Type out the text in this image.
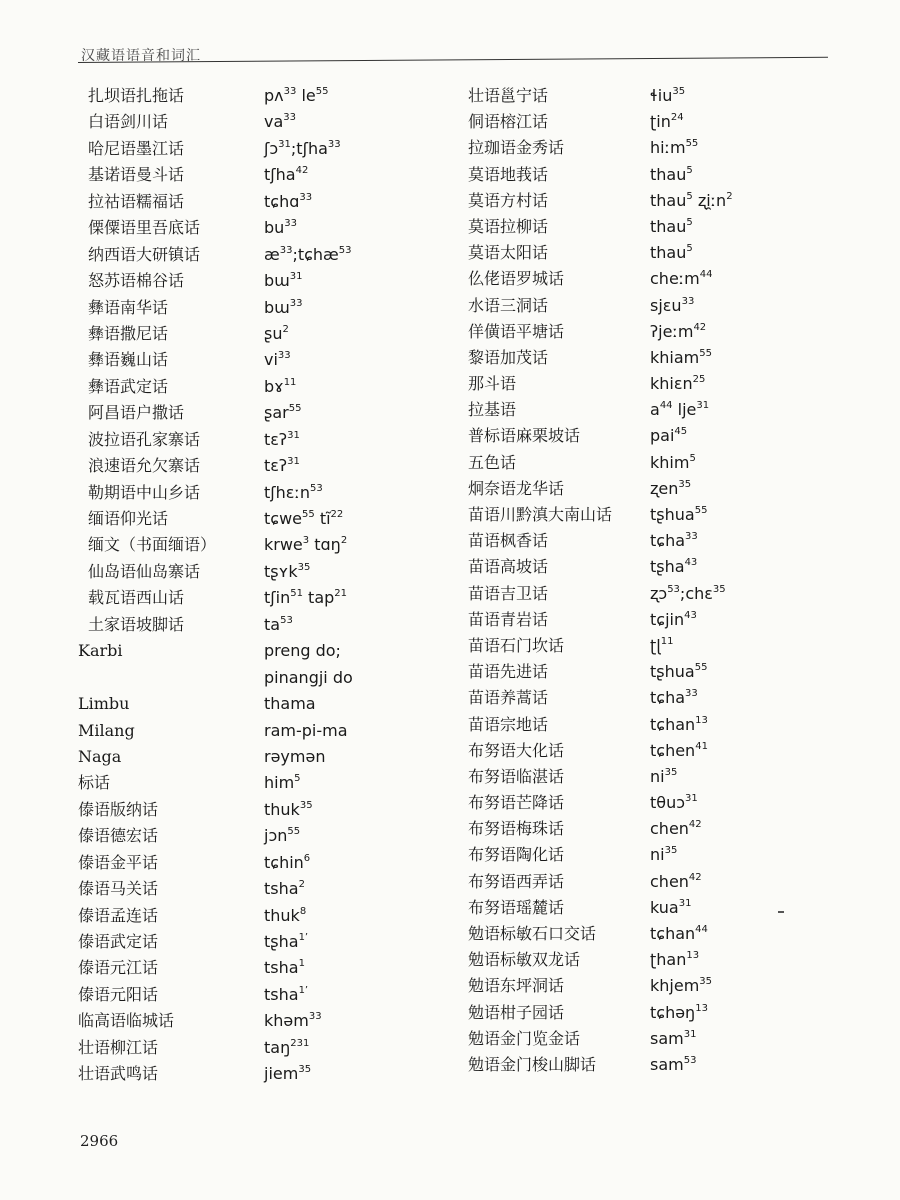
汉藏语语音和词汇
扎坝语扎拖话	pʌ$^{33}$ $le^{55}$
白语剑川话	$va^{33}$
哈尼语墨江话	ʃɔ$^{31}$;tʃha$^{33}$
基诺语曼斗话	tʃha$^{42}$
拉祜语糯福话	tɕhɑ$^{33}$
傈僳语里吾底话	$bu^{33}$
纳西语大研镇话	$æ^{33};tɕhæ^{53}$
怒苏语棉谷话	bɯ$^{31}$
彝语南华话	bɯ$^{33}$
彝语撒尼话	ʂu$^2$
彝语巍山话	$vi^{33}$
彝语武定话	bɤ$^{11}$
阿昌语户撒话	ʂar$^{55}$
波拉语孔家寨话	tɛʔ$^{31}$
浪速语允欠寨话	tɛʔ$^{31}$
勒期语中山乡话	tʃhɛːn$^{53}$
缅语仰光话	tɕwe$^{55}$ $tĩ^{22}$
缅文（书面缅语）	krwe$^3$ tɑŋ$^2$
仙岛语仙岛寨话	tʂʏk$^{35}$
载瓦语西山话	tʃin$^{51}$ tap$^{21}$
土家语坡脚话	$ta^{53}$
Karbi	preng do;
pinangji do
Limbu	thama
Milang	ram-pi-ma
Naga	rəymən
标话	him$^5$
傣语版纳话	thuk$^{35}$
傣语德宏话	jɔn$^{55}$
傣语金平话	tɕhin$^6$
傣语马关话	tsha$^2$
傣语孟连话	thuk$^8$
傣语武定话	tʂha$^{1’}$
傣语元江话	tsha$^1$
傣语元阳话	tsha$^{1’}$
临高语临城话	khəm$^{33}$
壮语柳江话	taŋ$^{231}$
壮语武鸣话	jiem$^{35}$
壮语邕宁话	ɬiu$^{35}$
侗语榕江话	ʈin$^{24}$
拉珈语金秀话	hiːm$^{55}$
莫语地莪话	thau$^5$
莫语方村话	thau$^5$ ʐi̯ːn$^2$
莫语拉柳话	thau$^5$
莫语太阳话	thau$^5$
仫佬语罗城话	cheːm$^{44}$
水语三洞话	sjɛu$^{33}$
佯僙语平塘话	ʔjeːm$^{42}$
黎语加茂话	khiam$^{55}$
那斗语	khiɛn$^{25}$
拉基语	$a^{44}$ lje$^{31}$
普标语麻栗坡话	pai$^{45}$
五色话	khim$^5$
炯奈语龙华话	ʐen$^{35}$
苗语川黔滇大南山话 tʂhua$^{55}$
苗语枫香话	tɕha$^{33}$
苗语高坡话	tʂha$^{43}$
苗语吉卫话	ʐɔ$^{53}$;chɛ$^{35}$
苗语青岩话	tɕjin$^{43}$
苗语石门坎话	ʈɭ$^{11}$
苗语先进话	tʂhua$^{55}$
苗语养蒿话	tɕha$^{33}$
苗语宗地话	tɕhan$^{13}$
布努语大化话	tɕhen$^{41}$
布努语临湛话	$ni^{35}$
布努语芒降话	tθuɔ$^{31}$
布努语梅珠话	chen$^{42}$
布努语陶化话	$ni^{35}$
布努语西弄话	chen$^{42}$
布努语瑶麓话	kua$^{31}$
勉语标敏石口交话	tɕhan$^{44}$
勉语标敏双龙话	ʈhan$^{13}$
勉语东坪洞话	khjem$^{35}$
勉语柑子园话	tɕhəŋ$^{13}$
勉语金门览金话	sam$^{31}$
勉语金门梭山脚话	sam$^{53}$
2966
